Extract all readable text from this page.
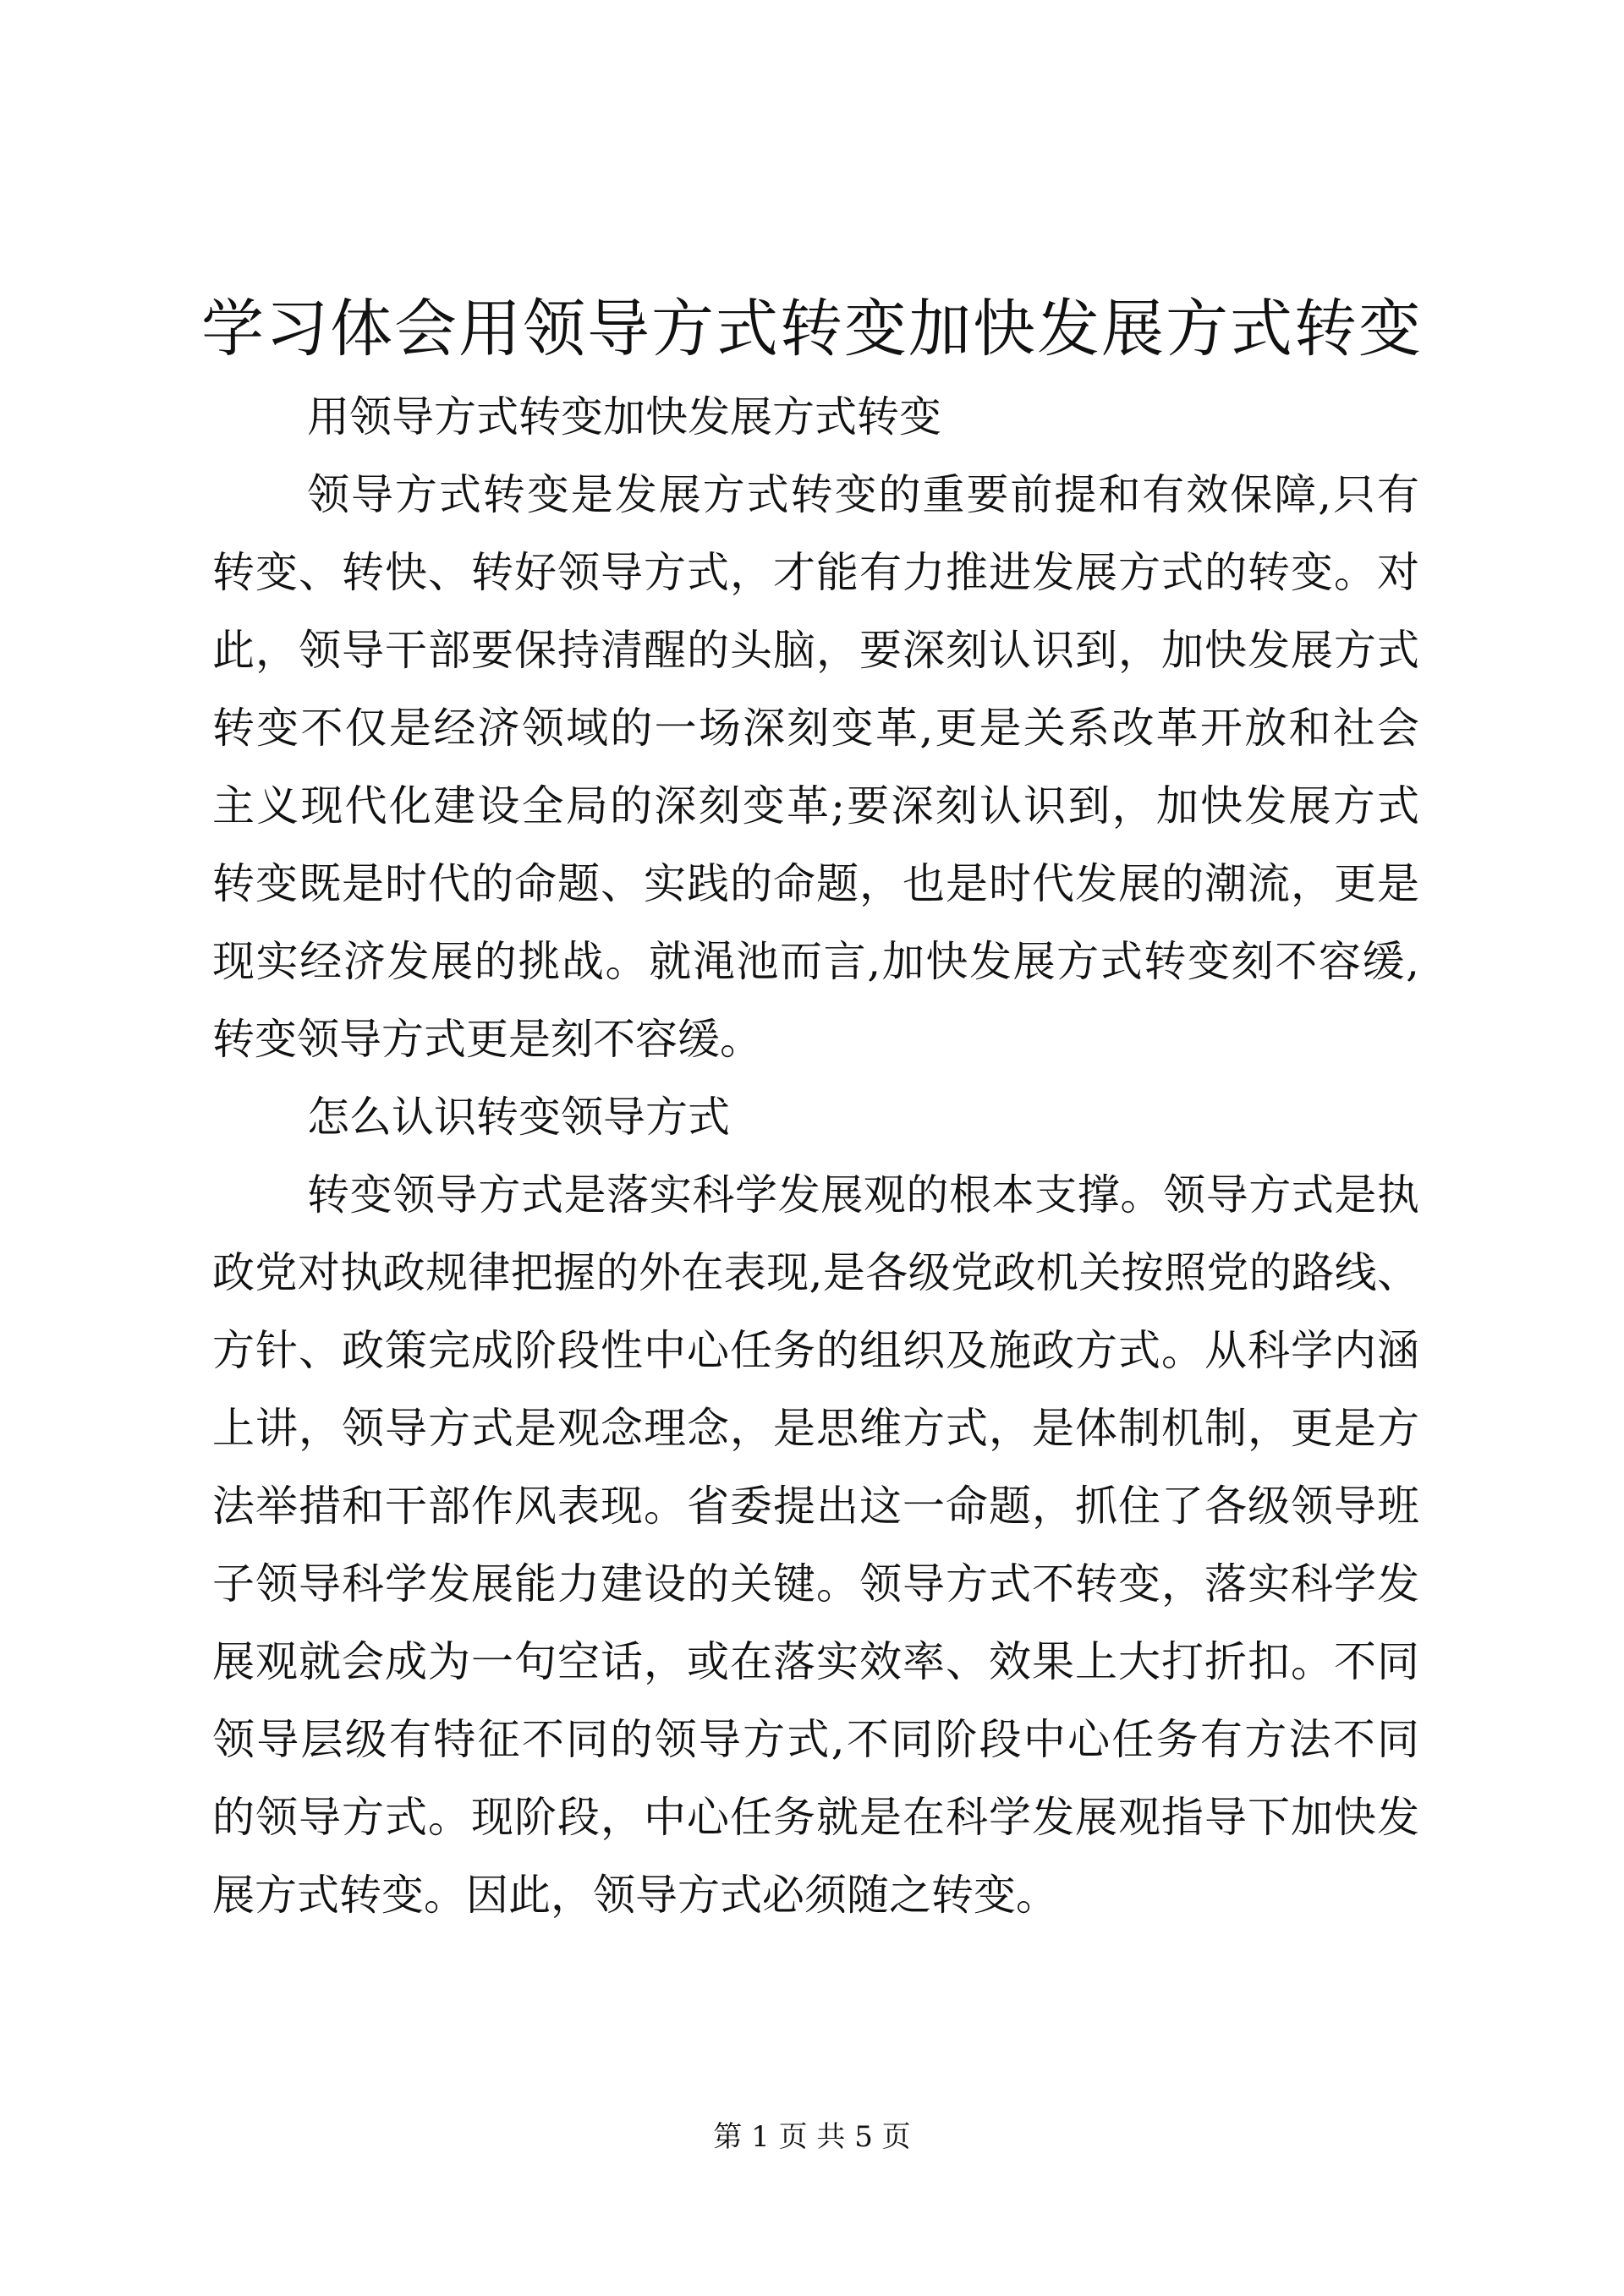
学习体会用领导方式转变加快发展方式转变
用领导方式转变加快发展方式转变
领导方式转变是发展方式转变的重要前提和有效保障,只有
转变、转快、转好领导方式，才能有力推进发展方式的转变。对
此，领导干部要保持清醒的头脑，要深刻认识到，加快发展方式
转变不仅是经济领域的一场深刻变革,更是关系改革开放和社会
主义现代化建设全局的深刻变革;要深刻认识到，加快发展方式
转变既是时代的命题、实践的命题，也是时代发展的潮流，更是
现实经济发展的挑战。就渑池而言,加快发展方式转变刻不容缓,
转变领导方式更是刻不容缓。
怎么认识转变领导方式
转变领导方式是落实科学发展观的根本支撑。领导方式是执
政党对执政规律把握的外在表现,是各级党政机关按照党的路线、
方针、政策完成阶段性中心任务的组织及施政方式。从科学内涵
上讲，领导方式是观念理念，是思维方式，是体制机制，更是方
法举措和干部作风表现。省委提出这一命题，抓住了各级领导班
子领导科学发展能力建设的关键。领导方式不转变，落实科学发
展观就会成为一句空话，或在落实效率、效果上大打折扣。不同
领导层级有特征不同的领导方式,不同阶段中心任务有方法不同
的领导方式。现阶段，中心任务就是在科学发展观指导下加快发
展方式转变。因此，领导方式必须随之转变。
第 1 页 共 5 页
